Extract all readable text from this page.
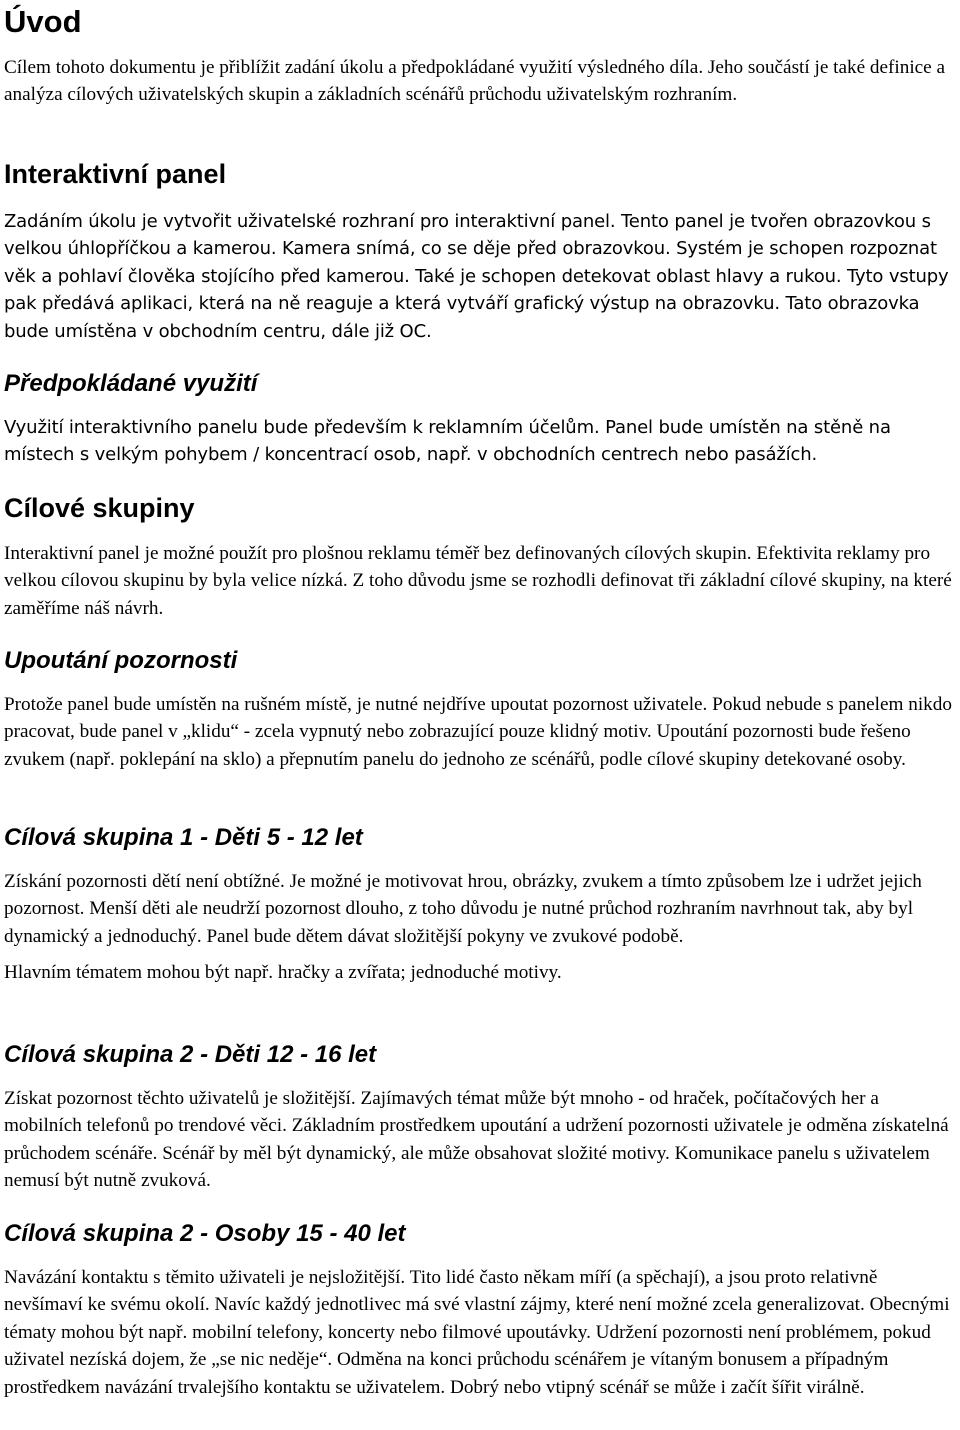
Úvod

Cílem tohoto dokumentu je přiblížit zadání úkolu a předpokládané využití výsledného díla. Jeho součástí je také definice a analýza cílových uživatelských skupin a základních scénářů průchodu uživatelským rozhraním.

Interaktivní panel

Zadáním úkolu je vytvořit uživatelské rozhraní pro interaktivní panel. Tento panel je tvořen obrazovkou s velkou úhlopříčkou a kamerou. Kamera snímá, co se děje před obrazovkou. Systém je schopen rozpoznat věk a pohlaví člověka stojícího před kamerou. Také je schopen detekovat oblast hlavy a rukou. Tyto vstupy pak předává aplikaci, která na ně reaguje a která vytváří grafický výstup na obrazovku. Tato obrazovka bude umístěna v obchodním centru, dále již OC.

Předpokládané využití

Využití interaktivního panelu bude především k reklamním účelům. Panel bude umístěn na stěně na místech s velkým pohybem / koncentrací osob, např. v obchodních centrech nebo pasážích.

Cílové skupiny

Interaktivní panel je možné použít pro plošnou reklamu téměř bez definovaných cílových skupin. Efektivita reklamy pro velkou cílovou skupinu by byla velice nízká. Z toho důvodu jsme se rozhodli definovat tři základní cílové skupiny, na které zaměříme náš návrh.

Upoutání pozornosti

Protože panel bude umístěn na rušném místě, je nutné nejdříve upoutat pozornost uživatele. Pokud nebude s panelem nikdo pracovat, bude panel v „klidu“ - zcela vypnutý nebo zobrazující pouze klidný motiv. Upoutání pozornosti bude řešeno zvukem (např. poklepání na sklo) a přepnutím panelu do jednoho ze scénářů, podle cílové skupiny detekované osoby.

Cílová skupina 1 - Děti 5 - 12 let

Získání pozornosti dětí není obtížné. Je možné je motivovat hrou, obrázky, zvukem a tímto způsobem lze i udržet jejich pozornost. Menší děti ale neudrží pozornost dlouho, z toho důvodu je nutné průchod rozhraním navrhnout tak, aby byl dynamický a jednoduchý. Panel bude dětem dávat složitější pokyny ve zvukové podobě.

Hlavním tématem mohou být např. hračky a zvířata; jednoduché motivy.

Cílová skupina 2 - Děti 12 - 16 let

Získat pozornost těchto uživatelů je složitější. Zajímavých témat může být mnoho - od hraček, počítačových her a mobilních telefonů po trendové věci. Základním prostředkem upoutání a udržení pozornosti uživatele je odměna získatelná průchodem scénáře. Scénář by měl být dynamický, ale může obsahovat složité motivy. Komunikace panelu s uživatelem nemusí být nutně zvuková.

Cílová skupina 2 - Osoby 15 - 40 let

Navázání kontaktu s těmito uživateli je nejsložitější. Tito lidé často někam míří (a spěchají), a jsou proto relativně nevšímaví ke svému okolí. Navíc každý jednotlivec má své vlastní zájmy, které není možné zcela generalizovat. Obecnými tématy mohou být např. mobilní telefony, koncerty nebo filmové upoutávky. Udržení pozornosti není problémem, pokud uživatel nezíská dojem, že „se nic neděje“. Odměna na konci průchodu scénářem je vítaným bonusem a případným prostředkem navázání trvalejšího kontaktu se uživatelem. Dobrý nebo vtipný scénář se může i začít šířit virálně.
